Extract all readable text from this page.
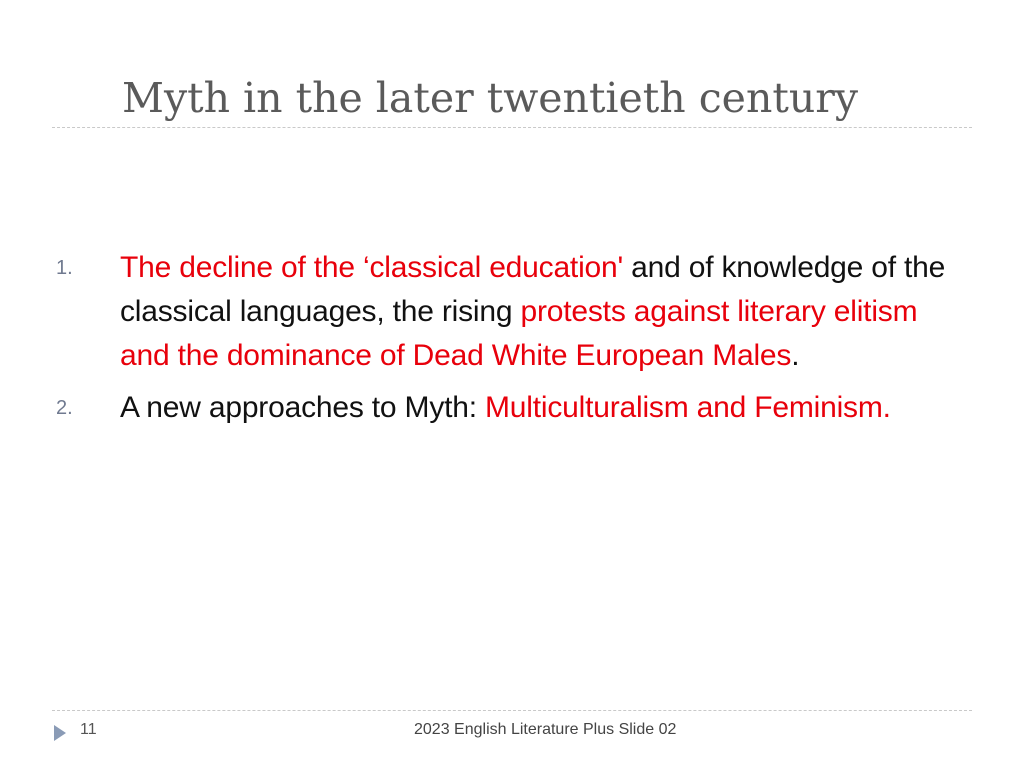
Myth in the later twentieth century
1.	The decline of the ‘classical education' and of knowledge of the classical languages, the rising protests against literary elitism and the dominance of Dead White European Males.
2.	A new approaches to Myth: Multiculturalism and Feminism.
11	2023 English Literature Plus Slide 02
